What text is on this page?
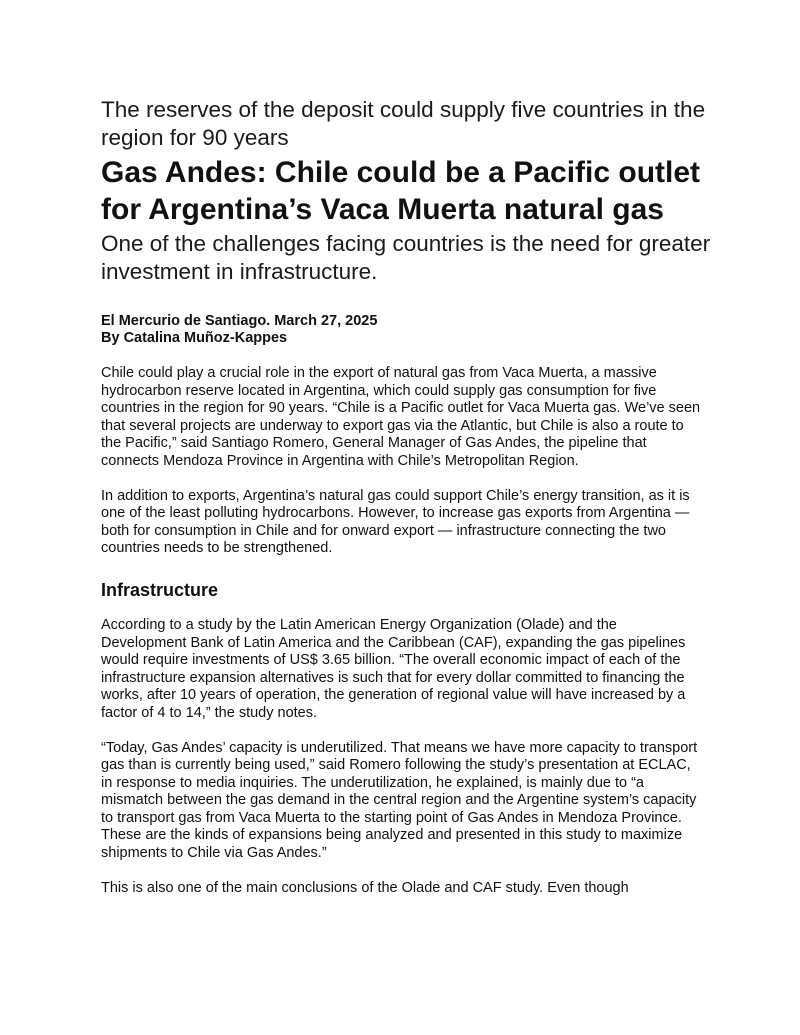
The reserves of the deposit could supply five countries in the region for 90 years

Gas Andes: Chile could be a Pacific outlet for Argentina’s Vaca Muerta natural gas

One of the challenges facing countries is the need for greater investment in infrastructure.

El Mercurio de Santiago. March 27, 2025
By Catalina Muñoz-Kappes

Chile could play a crucial role in the export of natural gas from Vaca Muerta, a massive hydrocarbon reserve located in Argentina, which could supply gas consumption for five countries in the region for 90 years. “Chile is a Pacific outlet for Vaca Muerta gas. We’ve seen that several projects are underway to export gas via the Atlantic, but Chile is also a route to the Pacific,” said Santiago Romero, General Manager of Gas Andes, the pipeline that connects Mendoza Province in Argentina with Chile’s Metropolitan Region.

In addition to exports, Argentina’s natural gas could support Chile’s energy transition, as it is one of the least polluting hydrocarbons. However, to increase gas exports from Argentina — both for consumption in Chile and for onward export — infrastructure connecting the two countries needs to be strengthened.

Infrastructure

According to a study by the Latin American Energy Organization (Olade) and the Development Bank of Latin America and the Caribbean (CAF), expanding the gas pipelines would require investments of US$ 3.65 billion. “The overall economic impact of each of the infrastructure expansion alternatives is such that for every dollar committed to financing the works, after 10 years of operation, the generation of regional value will have increased by a factor of 4 to 14,” the study notes.

“Today, Gas Andes’ capacity is underutilized. That means we have more capacity to transport gas than is currently being used,” said Romero following the study’s presentation at ECLAC, in response to media inquiries. The underutilization, he explained, is mainly due to “a mismatch between the gas demand in the central region and the Argentine system’s capacity to transport gas from Vaca Muerta to the starting point of Gas Andes in Mendoza Province. These are the kinds of expansions being analyzed and presented in this study to maximize shipments to Chile via Gas Andes.”

This is also one of the main conclusions of the Olade and CAF study. Even though
